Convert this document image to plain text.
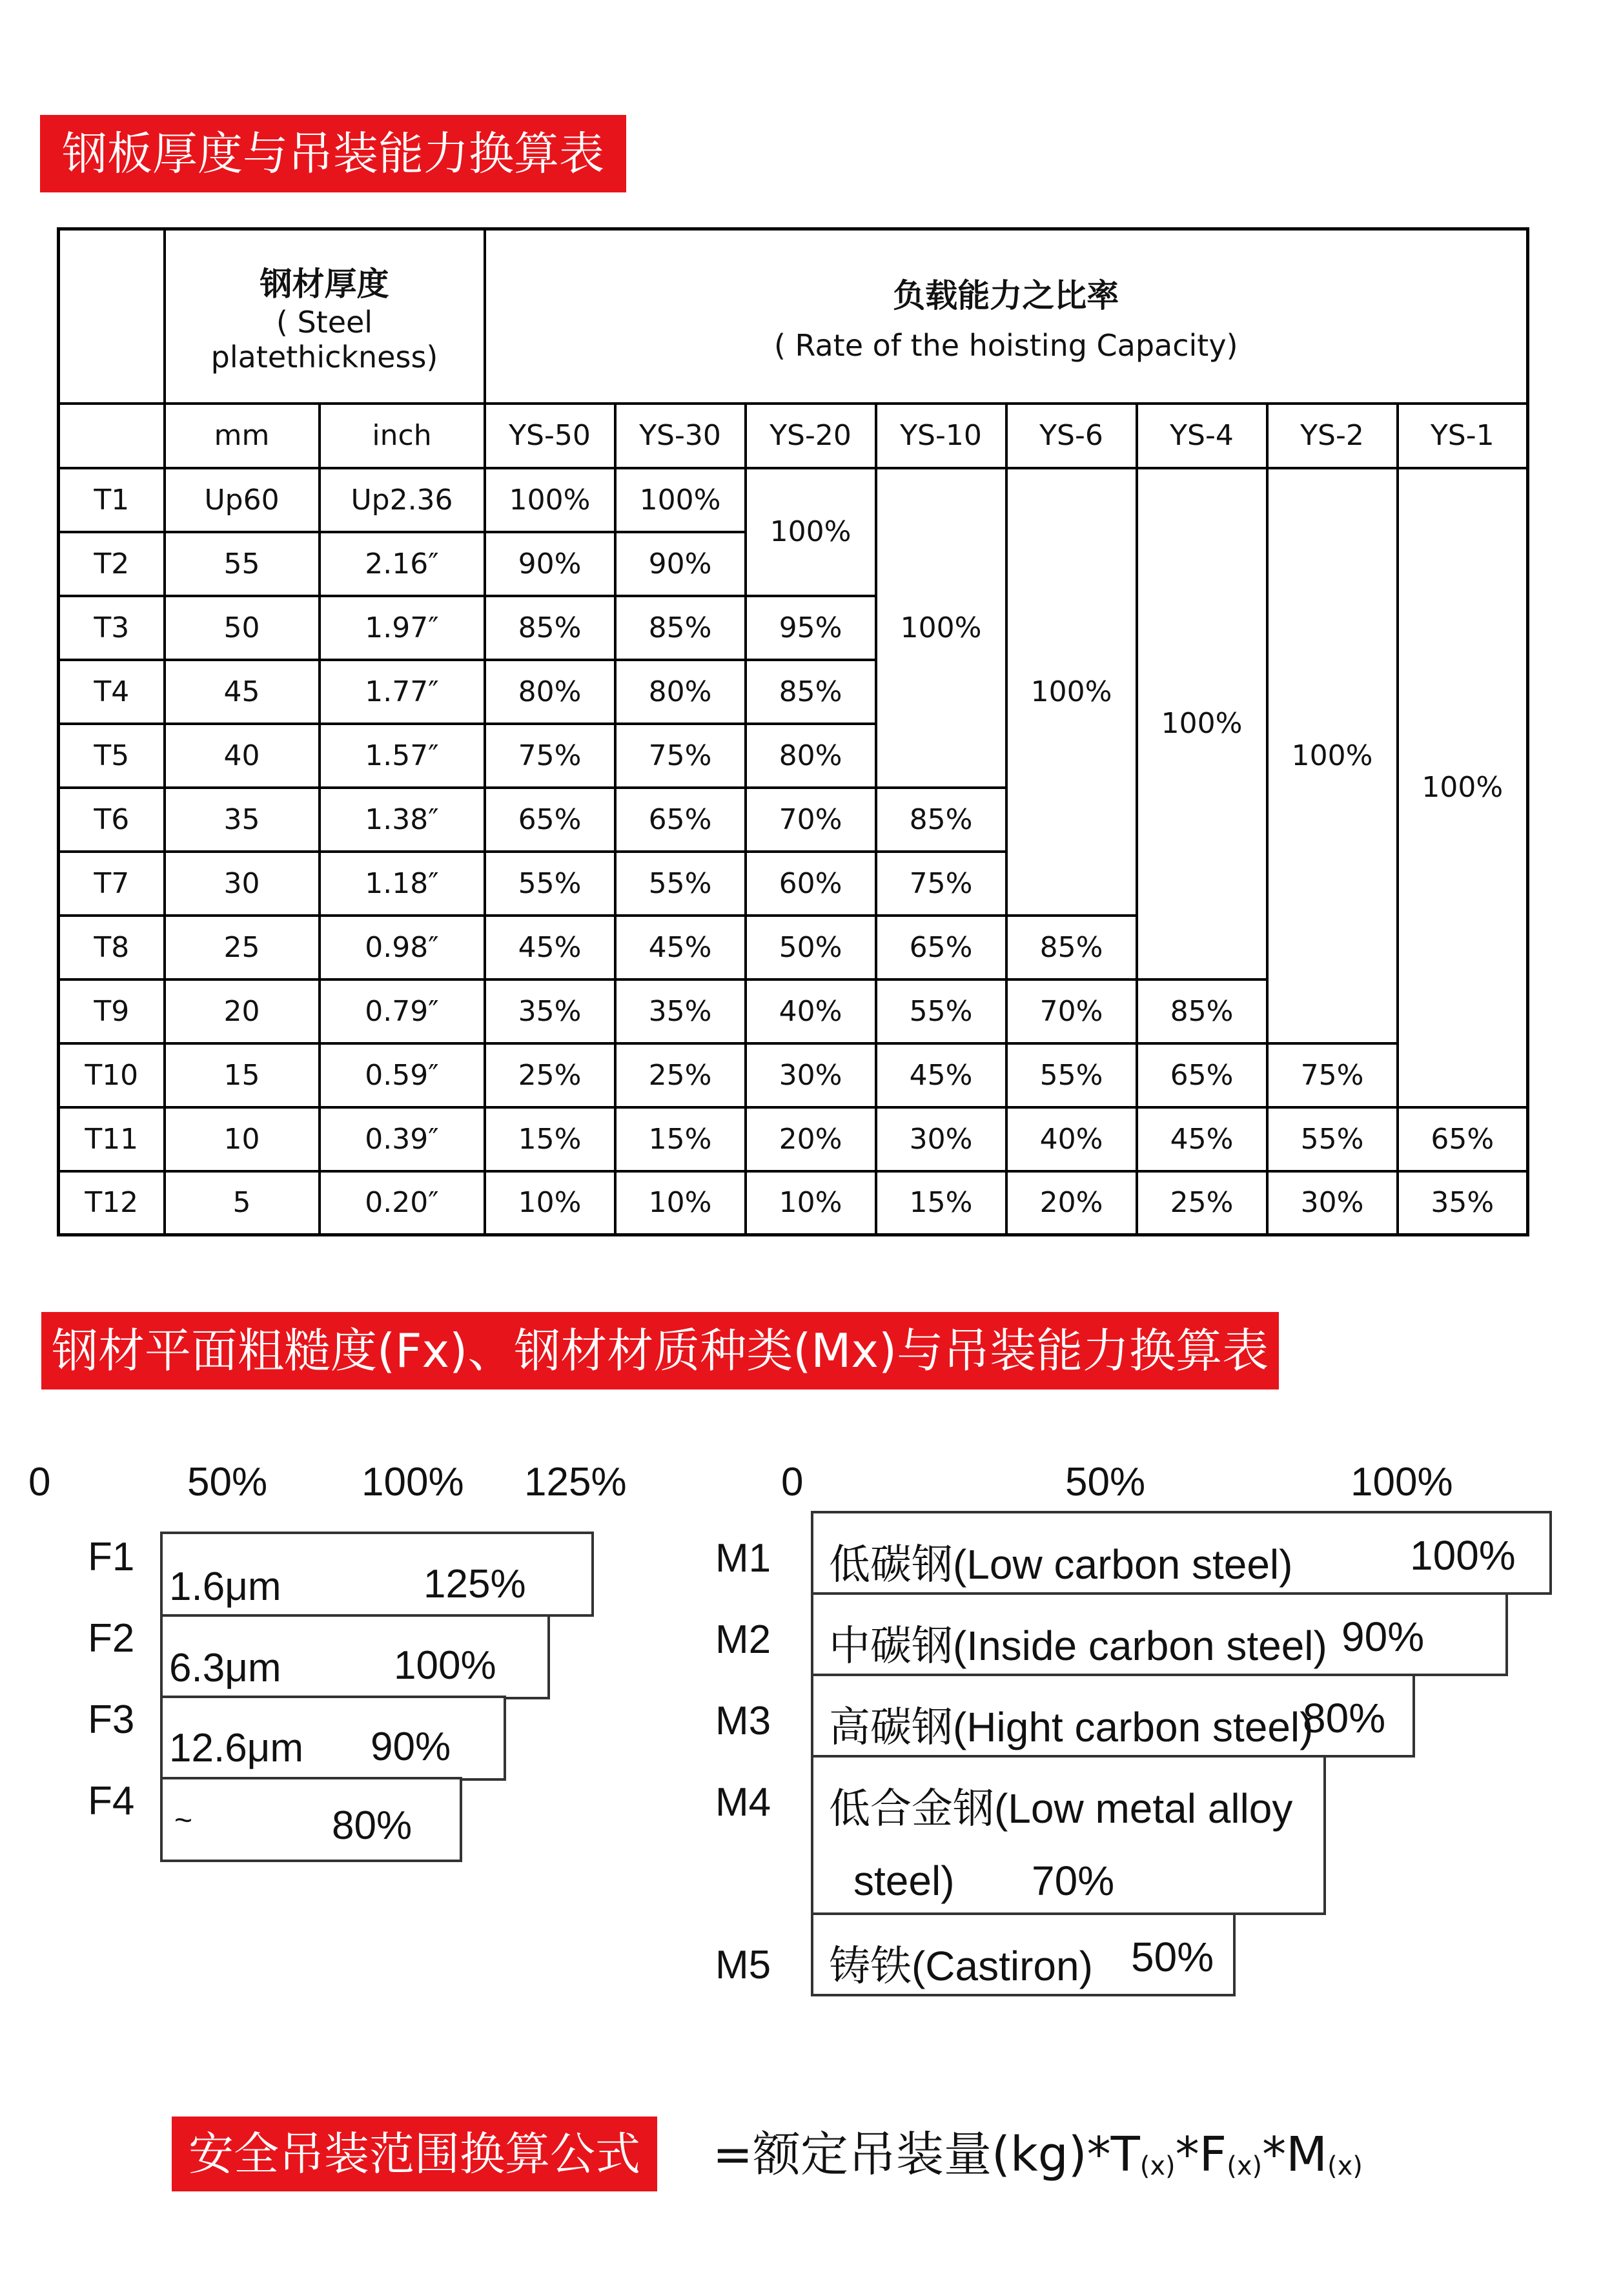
钢板厚度与吊装能力换算表

	钢材厚度
( Steel
platethickness)		负载能力之比率
( Rate of the hoisting Capacity)							

	mm	inch	YS-50	YS-30	YS-20	YS-10	YS-6	YS-4	YS-2	YS-1
T1	Up60	Up2.36	100%	100%	100%	100%	100%	100%	100%	100%
T2	55	2.16″	90%	90%						
T3	50	1.97″	85%	85%	95%					
T4	45	1.77″	80%	80%	85%					
T5	40	1.57″	75%	75%	80%					
T6	35	1.38″	65%	65%	70%	85%				
T7	30	1.18″	55%	55%	60%	75%				
T8	25	0.98″	45%	45%	50%	65%	85%			
T9	20	0.79″	35%	35%	40%	55%	70%	85%		
T10	15	0.59″	25%	25%	30%	45%	55%	65%	75%	
T11	10	0.39″	15%	15%	20%	30%	40%	45%	55%	65%
T12	5	0.20″	10%	10%	10%	15%	20%	25%	30%	35%
钢材平面粗糙度(Fx)、钢材材质种类(Mx)与吊装能力换算表
0	50% 100% 125%
F1
F2
F3
F4
1.6μm	125%
6.3μm	100%
12.6μm 90%
~	80%
0	50%	100%
M1
M2
M3
M4
M5
低碳钢(Low carbon steel)	100%
中碳钢(Inside carbon steel) 90%
高碳钢(Hight carbon steel)
80%
低合金钢(Low metal alloy
steel) 70%
铸铁(Castiron) 50%
安全吊装范围换算公式	=额定吊装量$(kg)*T_{(x)}*F_{(x)}*M_{(x)}$
